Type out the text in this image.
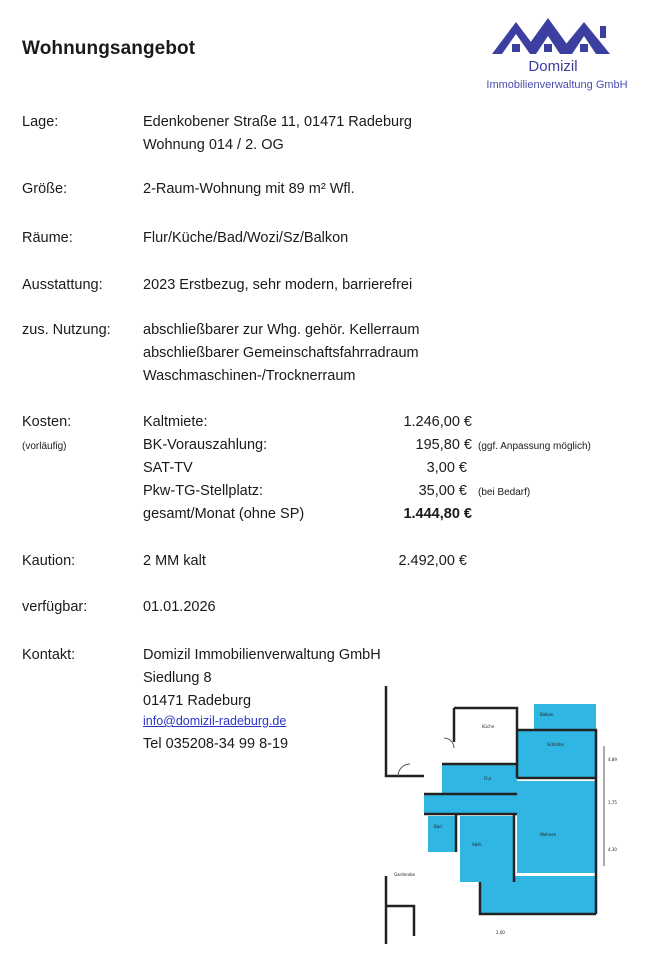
Wohnungsangebot
Domizil
Immobilienverwaltung GmbH
Lage:	Edenkobener Straße 11, 01471 Radeburg
Wohnung 014 / 2. OG
Größe:	2-Raum-Wohnung mit 89 m² Wfl.
Räume:	Flur/Küche/Bad/Wozi/Sz/Balkon
Ausstattung:	2023 Erstbezug, sehr modern, barrierefrei
zus. Nutzung: abschließbarer zur Whg. gehör. Kellerraum
abschließbarer Gemeinschaftsfahrradraum
Waschmaschinen-/Trocknerraum
Kosten:
(vorläufig)
Kaltmiete:	1.246,00 €
BK-Vorauszahlung:	195,80 € (ggf. Anpassung möglich)
SAT-TV	3,00 €
Pkw-TG-Stellplatz:	35,00 € (bei Bedarf)
gesamt/Monat (ohne SP)	1.444,80 €
Kaution:	2 MM kalt	2.492,00 €
verfügbar:	01.01.2026
Kontakt:	Domizil Immobilienverwaltung GmbH
Siedlung 8
01471 Radeburg
info@domizil-radeburg.de
Tel 035208-34 99 8-19
Balkon
Küche
Schlafen
Flur
Bad
Abst.
Wohnen
Garderobe
4,89
1,75
4,30
2,00
